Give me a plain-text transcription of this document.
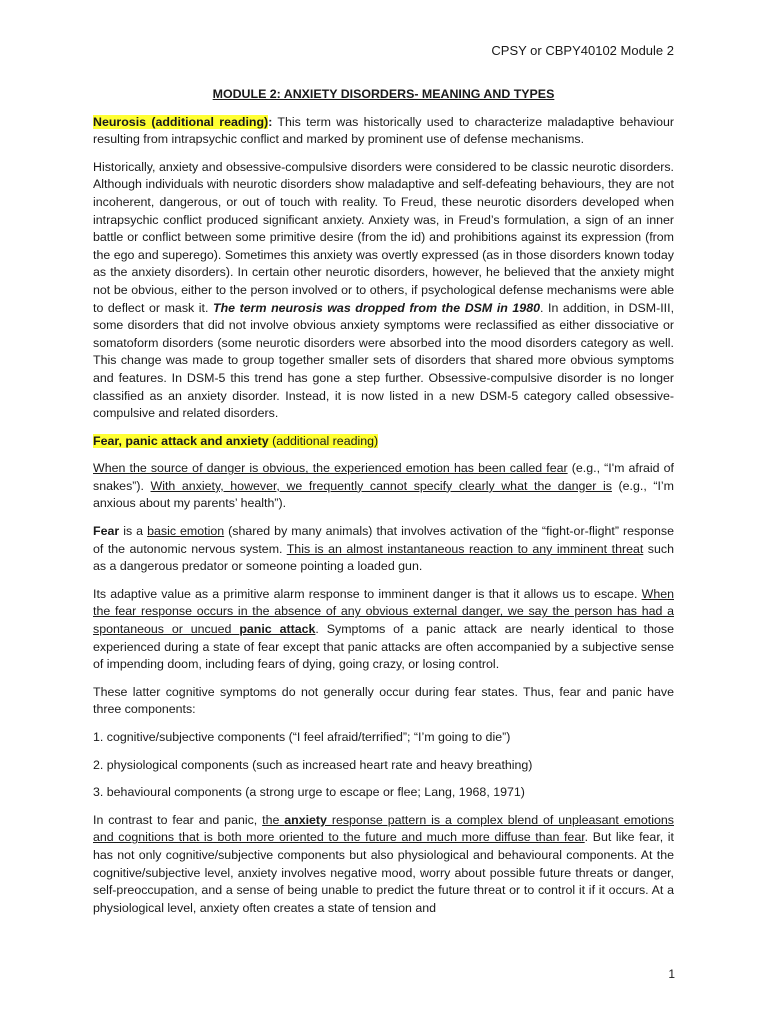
CPSY or CBPY40102 Module 2
MODULE 2: ANXIETY DISORDERS- MEANING AND TYPES

Neurosis (additional reading): This term was historically used to characterize maladaptive behaviour resulting from intrapsychic conflict and marked by prominent use of defense mechanisms.

Historically, anxiety and obsessive-compulsive disorders were considered to be classic neurotic disorders. Although individuals with neurotic disorders show maladaptive and self-defeating behaviours, they are not incoherent, dangerous, or out of touch with reality. To Freud, these neurotic disorders developed when intrapsychic conflict produced significant anxiety. Anxiety was, in Freud’s formulation, a sign of an inner battle or conflict between some primitive desire (from the id) and prohibitions against its expression (from the ego and superego). Sometimes this anxiety was overtly expressed (as in those disorders known today as the anxiety disorders). In certain other neurotic disorders, however, he believed that the anxiety might not be obvious, either to the person involved or to others, if psychological defense mechanisms were able to deflect or mask it. The term neurosis was dropped from the DSM in 1980. In addition, in DSM-III, some disorders that did not involve obvious anxiety symptoms were reclassified as either dissociative or somatoform disorders (some neurotic disorders were absorbed into the mood disorders category as well. This change was made to group together smaller sets of disorders that shared more obvious symptoms and features. In DSM-5 this trend has gone a step further. Obsessive-compulsive disorder is no longer classified as an anxiety disorder. Instead, it is now listed in a new DSM-5 category called obsessive-compulsive and related disorders.

Fear, panic attack and anxiety (additional reading)

When the source of danger is obvious, the experienced emotion has been called fear (e.g., “I'm afraid of snakes”). With anxiety, however, we frequently cannot specify clearly what the danger is (e.g., “I’m anxious about my parents’ health”).

Fear is a basic emotion (shared by many animals) that involves activation of the “fight-or-flight” response of the autonomic nervous system. This is an almost instantaneous reaction to any imminent threat such as a dangerous predator or someone pointing a loaded gun.

Its adaptive value as a primitive alarm response to imminent danger is that it allows us to escape. When the fear response occurs in the absence of any obvious external danger, we say the person has had a spontaneous or uncued panic attack. Symptoms of a panic attack are nearly identical to those experienced during a state of fear except that panic attacks are often accompanied by a subjective sense of impending doom, including fears of dying, going crazy, or losing control.

These latter cognitive symptoms do not generally occur during fear states. Thus, fear and panic have three components:

1. cognitive/subjective components (“I feel afraid/terrified”; “I’m going to die”)

2. physiological components (such as increased heart rate and heavy breathing)

3. behavioural components (a strong urge to escape or flee; Lang, 1968, 1971)

In contrast to fear and panic, the anxiety response pattern is a complex blend of unpleasant emotions and cognitions that is both more oriented to the future and much more diffuse than fear. But like fear, it has not only cognitive/subjective components but also physiological and behavioural components. At the cognitive/subjective level, anxiety involves negative mood, worry about possible future threats or danger, self-preoccupation, and a sense of being unable to predict the future threat or to control it if it occurs. At a physiological level, anxiety often creates a state of tension and

1
